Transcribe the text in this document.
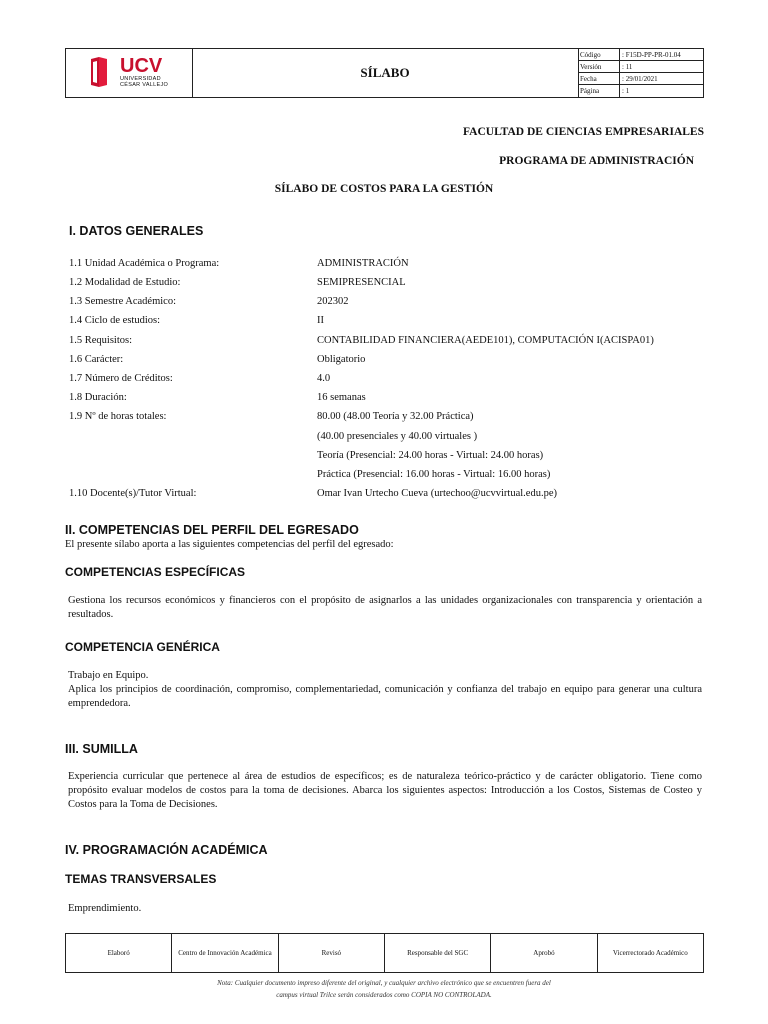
UCV
UNIVERSIDAD
CÉSAR VALLEJO
SÍLABO
Código	: F15D-PP-PR-01.04
Versión	: 11
Fecha	: 29/01/2021
Página	: 1
FACULTAD DE CIENCIAS EMPRESARIALES
PROGRAMA DE ADMINISTRACIÓN
SÍLABO DE COSTOS PARA LA GESTIÓN
I. DATOS GENERALES
1.1 Unidad Académica o Programa:	ADMINISTRACIÓN
1.2 Modalidad de Estudio:	SEMIPRESENCIAL
1.3 Semestre Académico:	202302
1.4 Ciclo de estudios:	II
1.5 Requisitos:	CONTABILIDAD FINANCIERA(AEDE101), COMPUTACIÓN I(ACISPA01)
1.6 Carácter:	Obligatorio
1.7 Número de Créditos:	4.0
1.8 Duración:	16 semanas
1.9 Nº de horas totales:	80.00 (48.00 Teoría y 32.00 Práctica)
(40.00 presenciales y 40.00 virtuales )
Teoría (Presencial: 24.00 horas - Virtual: 24.00 horas)
Práctica (Presencial: 16.00 horas - Virtual: 16.00 horas)
1.10 Docente(s)/Tutor Virtual:	Omar Ivan Urtecho Cueva (urtechoo@ucvvirtual.edu.pe)
II. COMPETENCIAS DEL PERFIL DEL EGRESADO
El presente sílabo aporta a las siguientes competencias del perfil del egresado:
COMPETENCIAS ESPECÍFICAS
Gestiona los recursos económicos y financieros con el propósito de asignarlos a las unidades organizacionales con transparencia y orientación a resultados.
COMPETENCIA GENÉRICA
Trabajo en Equipo.
Aplica los principios de coordinación, compromiso, complementariedad, comunicación y confianza del trabajo en equipo para generar una cultura emprendedora.
III. SUMILLA
Experiencia curricular que pertenece al área de estudios de específicos; es de naturaleza teórico-práctico y de carácter obligatorio. Tiene como propósito evaluar modelos de costos para la toma de decisiones. Abarca los siguientes aspectos: Introducción a los Costos, Sistemas de Costeo y Costos para la Toma de Decisiones.
IV. PROGRAMACIÓN ACADÉMICA
TEMAS TRANSVERSALES
Emprendimiento.
Elaboró	Centro de Innovación Académica	Revisó	Responsable del SGC	Aprobó	Vicerrectorado Académico
Nota: Cualquier documento impreso diferente del original, y cualquier archivo electrónico que se encuentren fuera del
campus virtual Trilce serán considerados como COPIA NO CONTROLADA.
